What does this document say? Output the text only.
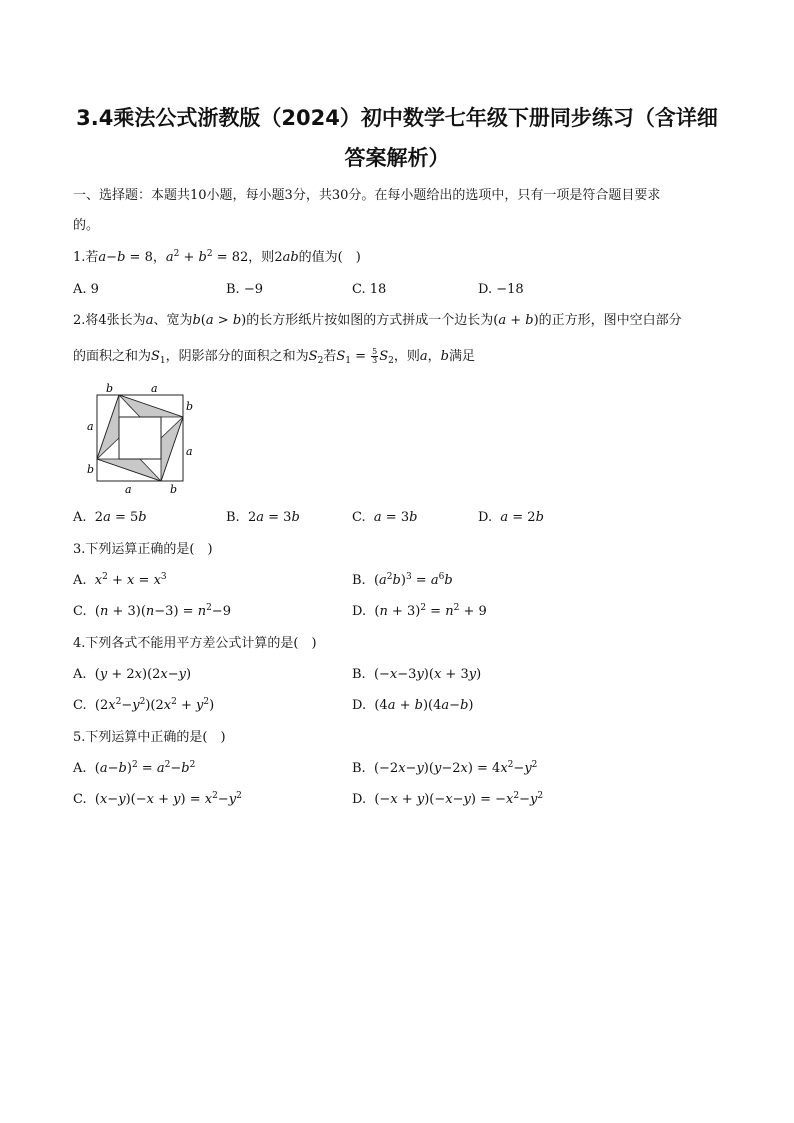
3.4乘法公式浙教版（2024）初中数学七年级下册同步练习（含详细
答案解析）
一、选择题：本题共10小题，每小题3分，共30分。在每小题给出的选项中，只有一项是符合题目要求
的。
1.若a−b = 8，$a^2 + b^2 = 82$，则2ab的值为(　)
A. 9	B. −9	C. 18	D. −18
2.将4张长为a、宽为b(a > b)的长方形纸片按如图的方式拼成一个边长为(a + b)的正方形，图中空白部分
的面积之和为$S_1$，阴影部分的面积之和为$S_2$若$S_1 = \frac{5}{3} S_2$，则a，b满足
b	a
b
a
a
b
a	b
A.  2a = 5b	B.  2a = 3b	C.  a = 3b	D.  a = 2b
3.下列运算正确的是(　)
A.  $x^2 + x = x^3$	B.  $(a^2b)^3 = a^6b$
C.  $(n + 3)(n-3) = n^2-9$	D.  $(n + 3)^2 = n^2 + 9$
4.下列各式不能用平方差公式计算的是(　)
A.  (y + 2x)(2x−y)	B.  (−x−3y)(x + 3y)
C.  $(2x^2-y^2)(2x^2 + y^2)$	D.  (4a + b)(4a−b)
5.下列运算中正确的是(　)
A.  $(a-b)^2 = a^2-b^2$	B.  $(-2x-y)(y-2x) = 4x^2-y^2$
C.  $(x-y)(-x + y) = x^2-y^2$	D.  $(-x + y)(-x-y) = -x^2-y^2$
